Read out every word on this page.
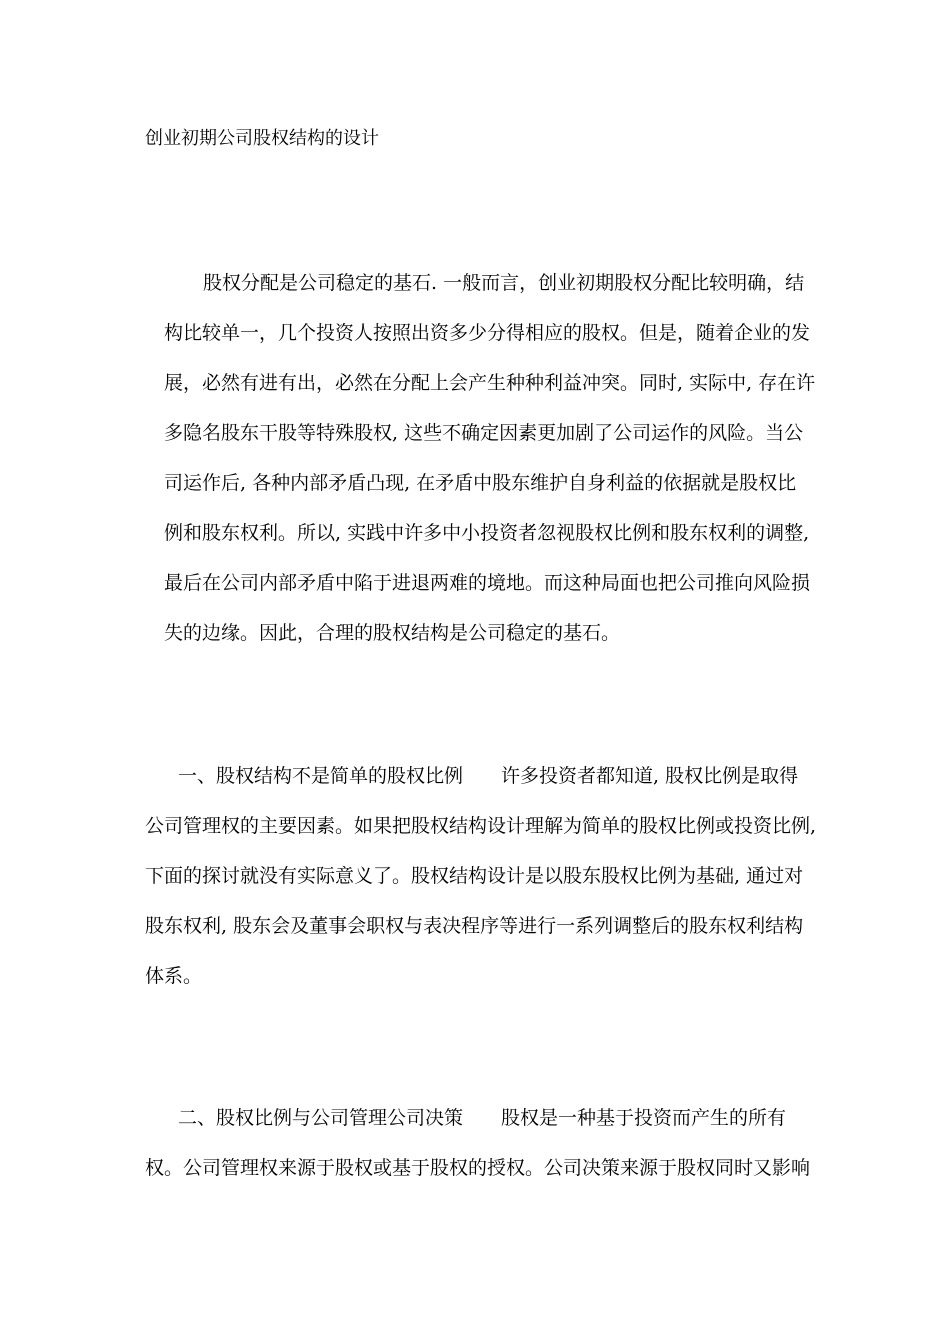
创业初期公司股权结构的设计
股权分配是公司稳定的基石. 一般而言，创业初期股权分配比较明确，结
构比较单一，几个投资人按照出资多少分得相应的股权。但是，随着企业的发
展，必然有进有出，必然在分配上会产生种种利益冲突。同时, 实际中, 存在许
多隐名股东干股等特殊股权, 这些不确定因素更加剧了公司运作的风险。当公
司运作后, 各种内部矛盾凸现, 在矛盾中股东维护自身利益的依据就是股权比
例和股东权利。所以, 实践中许多中小投资者忽视股权比例和股东权利的调整,
最后在公司内部矛盾中陷于进退两难的境地。而这种局面也把公司推向风险损
失的边缘。因此，合理的股权结构是公司稳定的基石。
一、股权结构不是简单的股权比例　　许多投资者都知道, 股权比例是取得
公司管理权的主要因素。如果把股权结构设计理解为简单的股权比例或投资比例,
下面的探讨就没有实际意义了。股权结构设计是以股东股权比例为基础, 通过对
股东权利, 股东会及董事会职权与表决程序等进行一系列调整后的股东权利结构
体系。
二、股权比例与公司管理公司决策　　股权是一种基于投资而产生的所有
权。公司管理权来源于股权或基于股权的授权。公司决策来源于股权同时又影响
